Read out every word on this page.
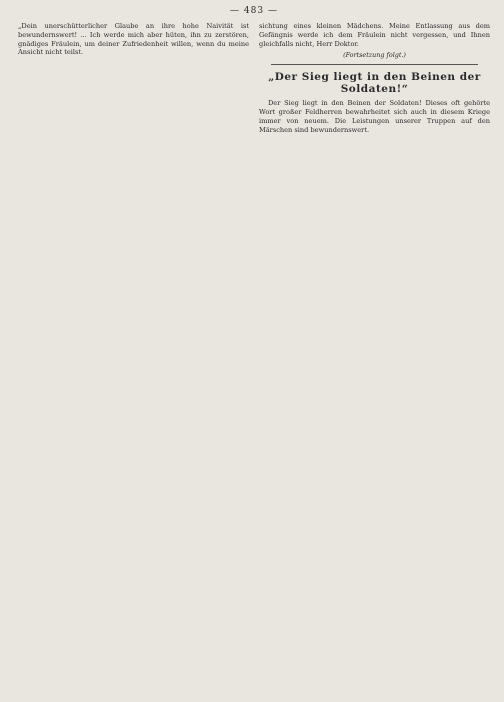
— 483 —

„Dein unerschütterlicher Glaube an ihre hohe Naivität ist bewundernswert! ... Ich werde mich aber hüten, ihn zu zerstören, gnädiges Fräulein, um deiner Zufriedenheit willen, wenn du meine Ansicht nicht teilst.

sichtung eines kleinen Mädchens. Meine Entlassung aus dem Gefängnis werde ich dem Fräulein nicht vergessen, und Ihnen gleichfalls nicht, Herr Doktor.

(Fortsetzung folgt.)
„Der Sieg liegt in den Beinen der Soldaten!“

Der Sieg liegt in den Beinen der Soldaten! Dieses oft gehörte Wort großer Feldherren bewahrheitet sich auch in diesem Kriege immer von neuem. Die Leistungen unserer Truppen auf den Märschen sind bewundernswert.
